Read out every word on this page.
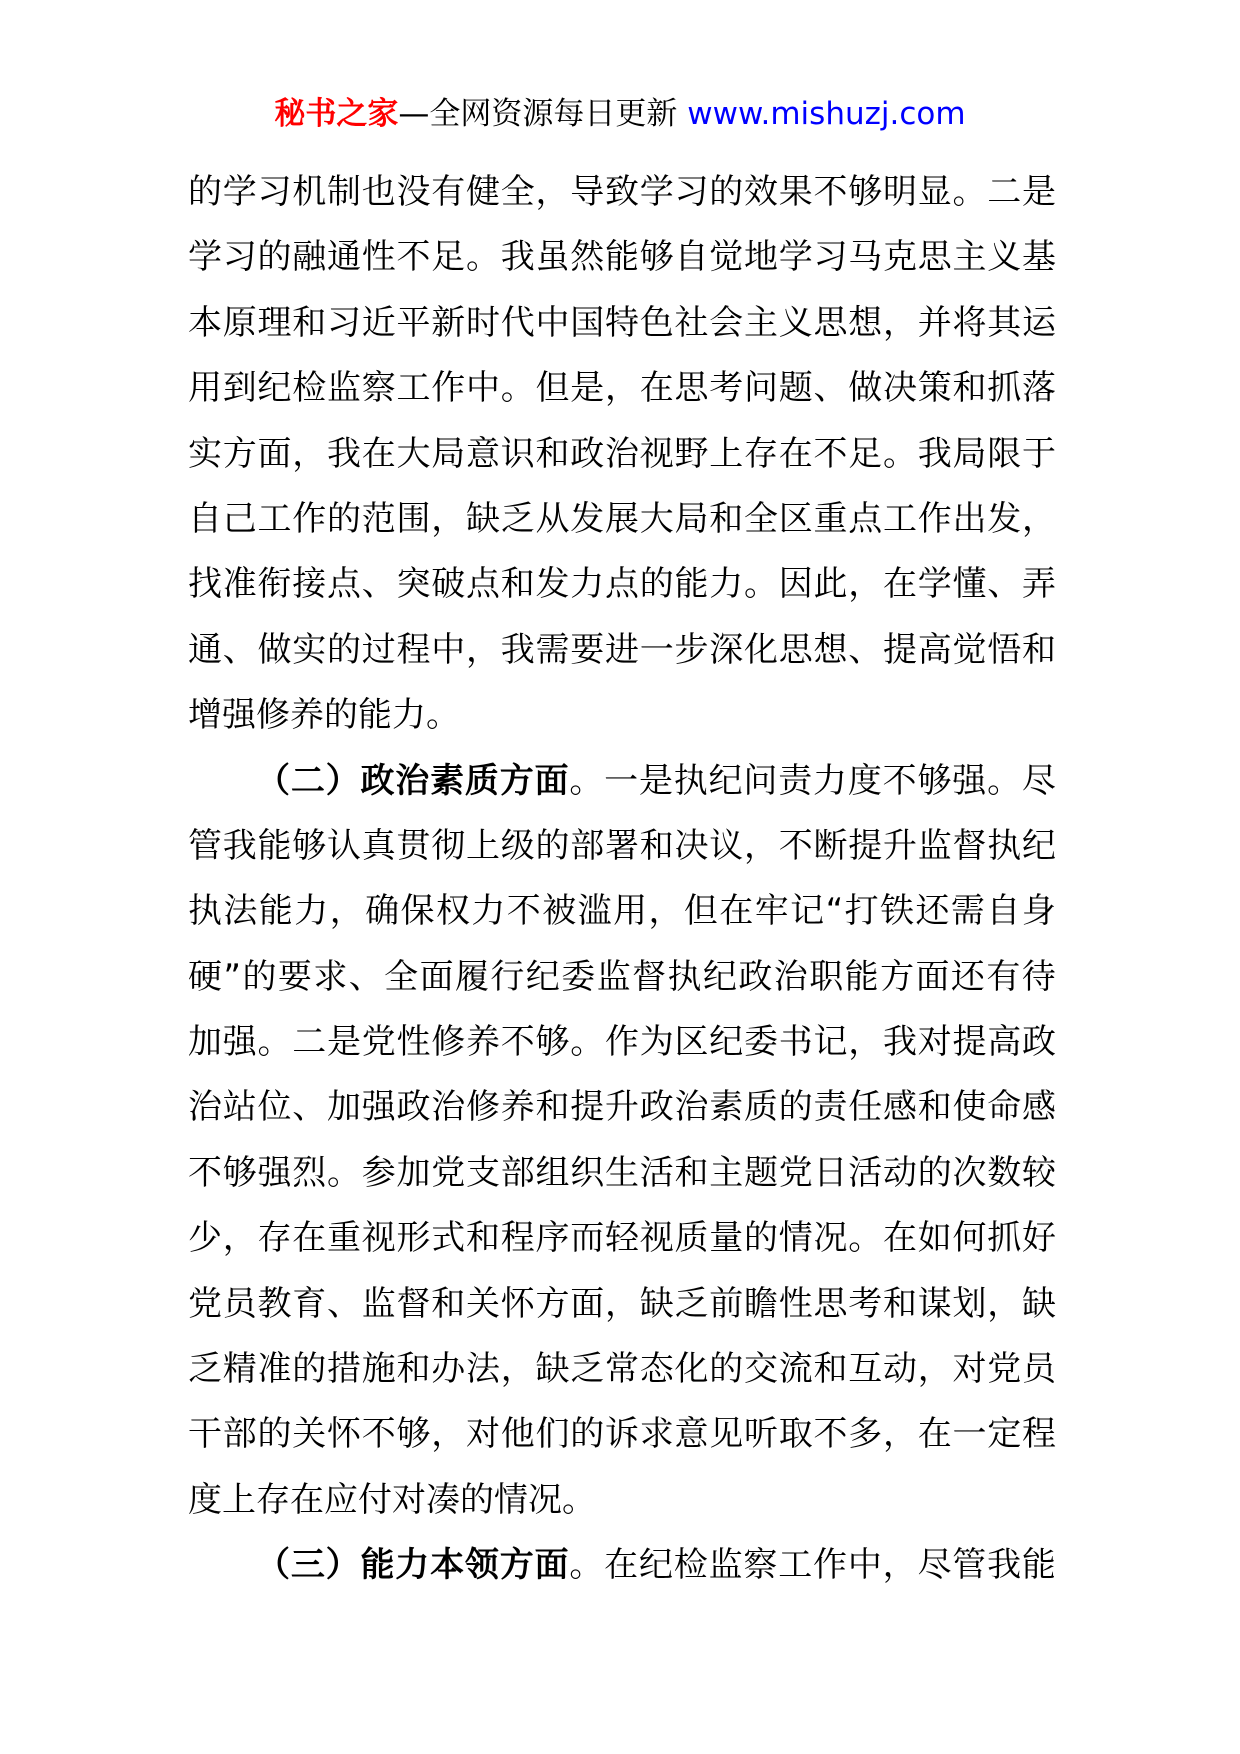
秘书之家—全网资源每日更新 www.mishuzj.com
的 学 习 机 制 也 没 有 健 全 ， 导 致 学 习 的 效 果 不 够 明 显 。 二 是
学 习 的 融 通 性 不 足 。 我 虽 然 能 够 自 觉 地 学 习 马 克 思 主 义 基
本 原 理 和 习 近 平 新 时 代 中 国 特 色 社 会 主 义 思 想 ， 并 将 其 运
用 到 纪 检 监 察 工 作 中 。 但 是 ， 在 思 考 问 题 、 做 决 策 和 抓 落
实 方 面 ， 我 在 大 局 意 识 和 政 治 视 野 上 存 在 不 足 。 我 局 限 于
自 己 工 作 的 范 围 ， 缺 乏 从 发 展 大 局 和 全 区 重 点 工 作 出 发 ，
找 准 衔 接 点 、 突 破 点 和 发 力 点 的 能 力 。 因 此 ， 在 学 懂 、 弄
通 、 做 实 的 过 程 中 ， 我 需 要 进 一 步 深 化 思 想 、 提 高 觉 悟 和
增 强 修 养 的 能 力 。
（ 二 ） 政 治 素 质 方 面 。 一 是 执 纪 问 责 力 度 不 够 强 。 尽
管 我 能 够 认 真 贯 彻 上 级 的 部 署 和 决 议 ， 不 断 提 升 监 督 执 纪
执 法 能 力 ， 确 保 权 力 不 被 滥 用 ， 但 在 牢 记 “ 打 铁 还 需 自 身
硬 ” 的 要 求 、 全 面 履 行 纪 委 监 督 执 纪 政 治 职 能 方 面 还 有 待
加 强 。 二 是 党 性 修 养 不 够 。 作 为 区 纪 委 书 记 ， 我 对 提 高 政
治 站 位 、 加 强 政 治 修 养 和 提 升 政 治 素 质 的 责 任 感 和 使 命 感
不 够 强 烈 。 参 加 党 支 部 组 织 生 活 和 主 题 党 日 活 动 的 次 数 较
少 ， 存 在 重 视 形 式 和 程 序 而 轻 视 质 量 的 情 况 。 在 如 何 抓 好
党 员 教 育 、 监 督 和 关 怀 方 面 ， 缺 乏 前 瞻 性 思 考 和 谋 划 ， 缺
乏 精 准 的 措 施 和 办 法 ， 缺 乏 常 态 化 的 交 流 和 互 动 ， 对 党 员
干 部 的 关 怀 不 够 ， 对 他 们 的 诉 求 意 见 听 取 不 多 ， 在 一 定 程
度 上 存 在 应 付 对 凑 的 情 况 。
（ 三 ） 能 力 本 领 方 面 。 在 纪 检 监 察 工 作 中 ， 尽 管 我 能
